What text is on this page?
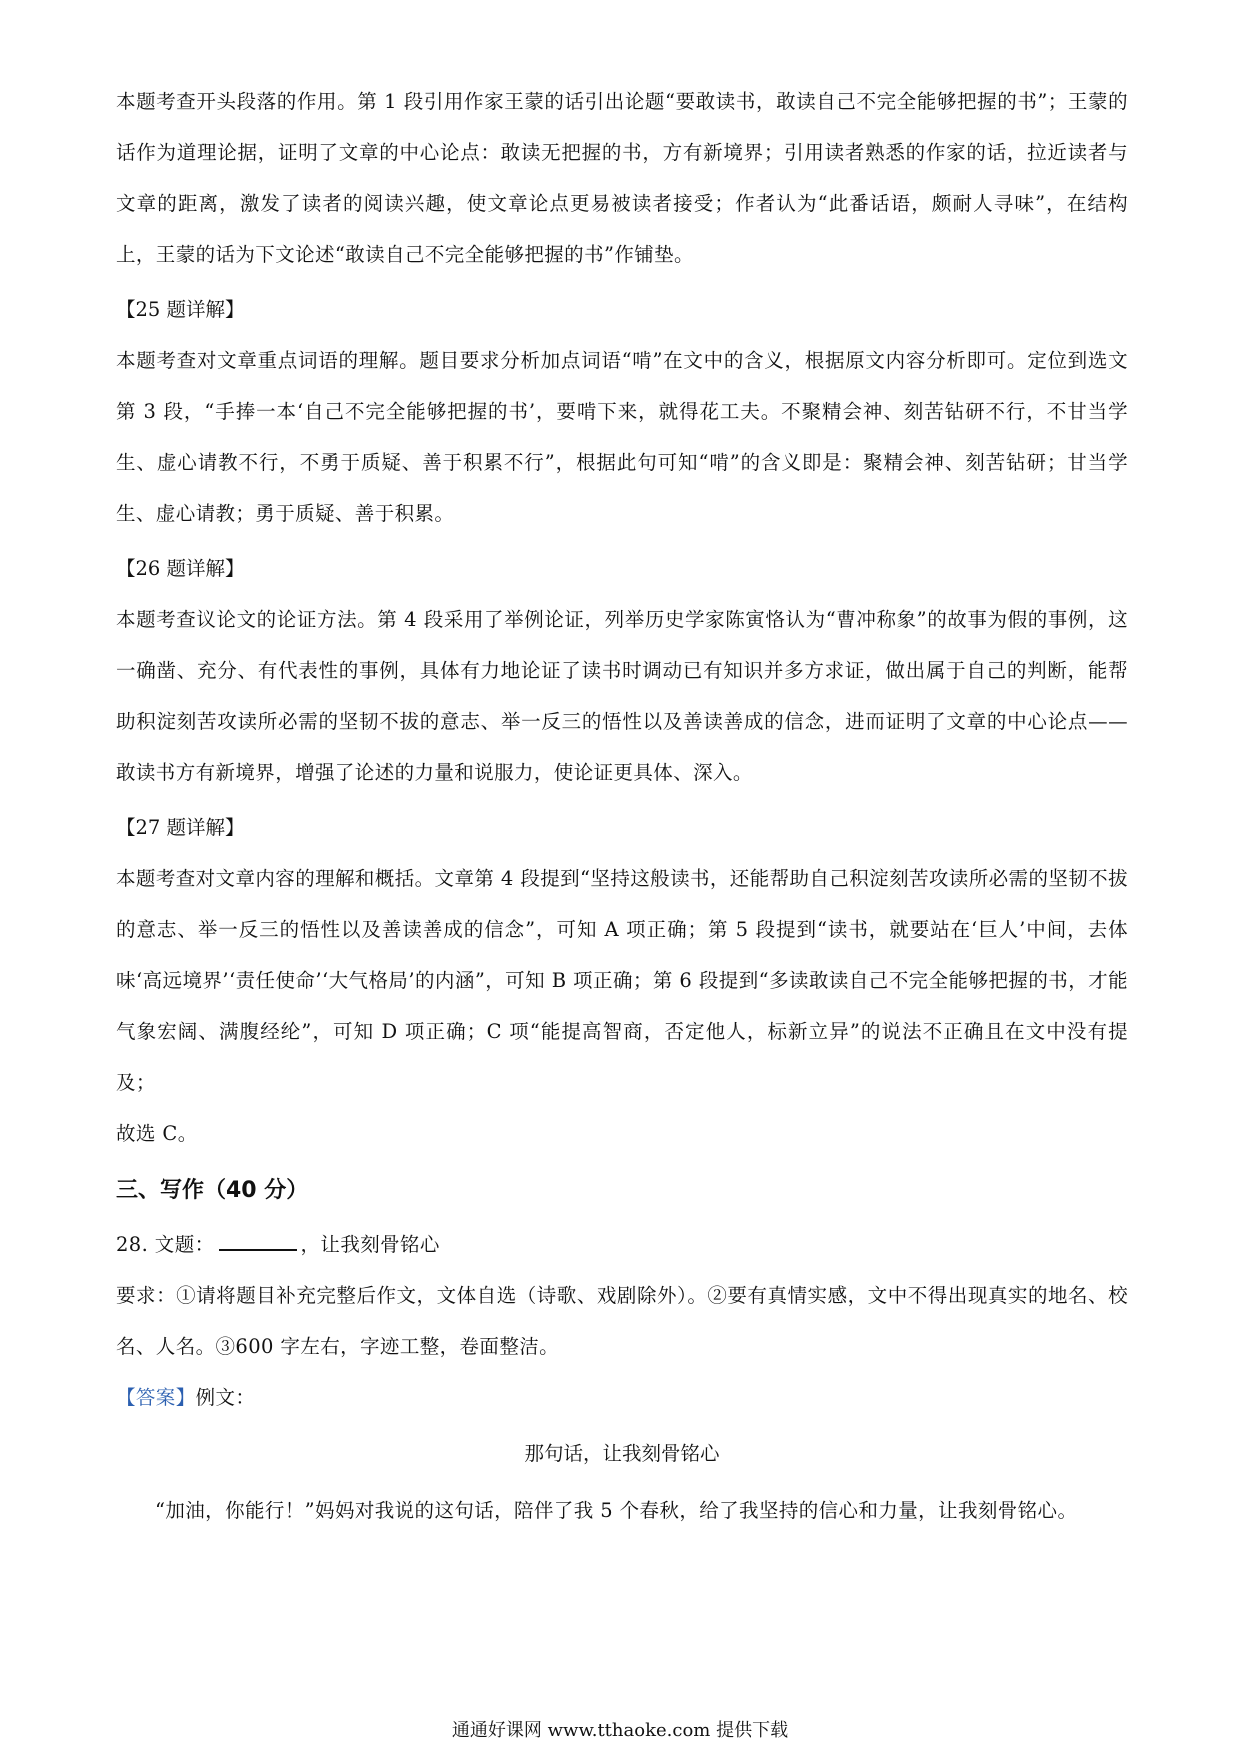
本题考查开头段落的作用。第 1 段引用作家王蒙的话引出论题“要敢读书，敢读自己不完全能够把握的书”；王蒙的话作为道理论据，证明了文章的中心论点：敢读无把握的书，方有新境界；引用读者熟悉的作家的话，拉近读者与文章的距离，激发了读者的阅读兴趣，使文章论点更易被读者接受；作者认为“此番话语，颇耐人寻味”，在结构上，王蒙的话为下文论述“敢读自己不完全能够把握的书”作铺垫。

【25 题详解】

本题考查对文章重点词语的理解。题目要求分析加点词语“啃”在文中的含义，根据原文内容分析即可。定位到选文第 3 段，“手捧一本‘自己不完全能够把握的书’，要啃下来，就得花工夫。不聚精会神、刻苦钻研不行，不甘当学生、虚心请教不行，不勇于质疑、善于积累不行”，根据此句可知“啃”的含义即是：聚精会神、刻苦钻研；甘当学生、虚心请教；勇于质疑、善于积累。

【26 题详解】

本题考查议论文的论证方法。第 4 段采用了举例论证，列举历史学家陈寅恪认为“曹冲称象”的故事为假的事例，这一确凿、充分、有代表性的事例，具体有力地论证了读书时调动已有知识并多方求证，做出属于自己的判断，能帮助积淀刻苦攻读所必需的坚韧不拔的意志、举一反三的悟性以及善读善成的信念，进而证明了文章的中心论点——敢读书方有新境界，增强了论述的力量和说服力，使论证更具体、深入。

【27 题详解】

本题考查对文章内容的理解和概括。文章第 4 段提到“坚持这般读书，还能帮助自己积淀刻苦攻读所必需的坚韧不拔的意志、举一反三的悟性以及善读善成的信念”，可知 A 项正确；第 5 段提到“读书，就要站在‘巨人’中间，去体味‘高远境界’‘责任使命’‘大气格局’的内涵”，可知 B 项正确；第 6 段提到“多读敢读自己不完全能够把握的书，才能气象宏阔、满腹经纶”，可知 D 项正确；C 项“能提高智商，否定他人，标新立异”的说法不正确且在文中没有提及；

故选 C。

三、写作（40 分）

28. 文题：	，让我刻骨铭心

要求：①请将题目补充完整后作文，文体自选（诗歌、戏剧除外）。②要有真情实感，文中不得出现真实的地名、校名、人名。③600 字左右，字迹工整，卷面整洁。

【答案】例文：

那句话，让我刻骨铭心

“加油，你能行！”妈妈对我说的这句话，陪伴了我 5 个春秋，给了我坚持的信心和力量，让我刻骨铭心。

通通好课网 www.tthaoke.com 提供下载
